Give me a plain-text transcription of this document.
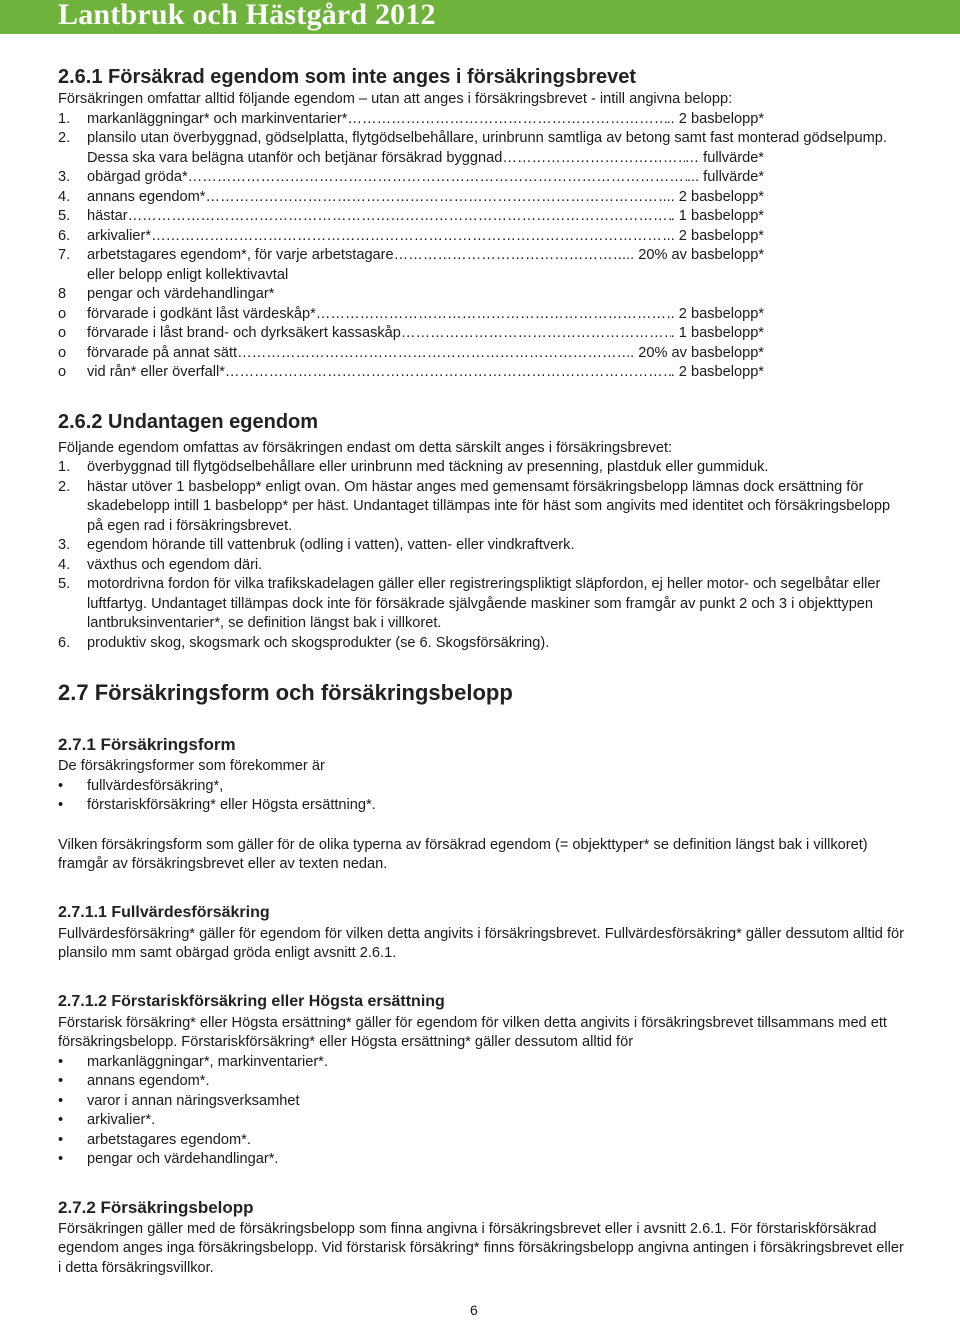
Lantbruk och Hästgård 2012
2.6.1 Försäkrad egendom som inte anges i försäkringsbrevet
Försäkringen omfattar alltid följande egendom – utan att anges i försäkringsbrevet - intill angivna belopp:
1.	markanläggningar* och markinventarier* …………………………………………………………………………………………………………………………………………………………………………	.. 2 basbelopp*
2.	plansilo utan överbyggnad, gödselplatta, flytgödselbehållare, urinbrunn samtliga av betong samt fast monterad gödselpump.
Dessa ska vara belägna utanför och betjänar försäkrad byggnad …………………………………………………………………………………………………………………………………………………………………………	… fullvärde*
3.	obärgad gröda* …………………………………………………………………………………………………………………………………………………………………………	... fullvärde*
4.	annans egendom* …………………………………………………………………………………………………………………………………………………………………………	... 2 basbelopp*
5.	hästar …………………………………………………………………………………………………………………………………………………………………………	. 1 basbelopp*
6.	arkivalier* …………………………………………………………………………………………………………………………………………………………………………	... 2 basbelopp*
7.	arbetstagares egendom*, för varje arbetstagare …………………………………………………………………………………………………………………………………………………………………………	... 20% av basbelopp*
eller belopp enligt kollektivavtal
8	pengar och värdehandlingar*
o	förvarade i godkänt låst värdeskåp* …………………………………………………………………………………………………………………………………………………………………………	.. 2 basbelopp*
o	förvarade i låst brand- och dyrksäkert kassaskåp …………………………………………………………………………………………………………………………………………………………………………	. 1 basbelopp*
o	förvarade på annat sätt …………………………………………………………………………………………………………………………………………………………………………	.. 20% av basbelopp*
o	vid rån* eller överfall* …………………………………………………………………………………………………………………………………………………………………………	. 2 basbelopp*
2.6.2 Undantagen egendom
Följande egendom omfattas av försäkringen endast om detta särskilt anges i försäkringsbrevet:
1.	överbyggnad till flytgödselbehållare eller urinbrunn med täckning av presenning, plastduk eller gummiduk.
2.	hästar utöver 1 basbelopp* enligt ovan. Om hästar anges med gemensamt försäkringsbelopp lämnas dock ersättning för skadebelopp intill 1 basbelopp* per häst. Undantaget tillämpas inte för häst som angivits med identitet och försäkringsbelopp på egen rad i försäkringsbrevet.
3.	egendom hörande till vattenbruk (odling i vatten), vatten- eller vindkraftverk.
4.	växthus och egendom däri.
5.	motordrivna fordon för vilka trafikskadelagen gäller eller registreringspliktigt släpfordon, ej heller motor- och segelbåtar eller luftfartyg. Undantaget tillämpas dock inte för försäkrade självgående maskiner som framgår av punkt 2 och 3 i objekttypen lantbruksinventarier*, se definition längst bak i villkoret.
6.	produktiv skog, skogsmark och skogsprodukter (se 6. Skogsförsäkring).
2.7 Försäkringsform och försäkringsbelopp
2.7.1 Försäkringsform
De försäkringsformer som förekommer är
•	fullvärdesförsäkring*,
•	förstariskförsäkring* eller Högsta ersättning*.
Vilken försäkringsform som gäller för de olika typerna av försäkrad egendom (= objekttyper* se definition längst bak i villkoret) framgår av försäkringsbrevet eller av texten nedan.
2.7.1.1 Fullvärdesförsäkring
Fullvärdesförsäkring* gäller för egendom för vilken detta angivits i försäkringsbrevet. Fullvärdesförsäkring* gäller dessutom alltid för plansilo mm samt obärgad gröda enligt avsnitt 2.6.1.
2.7.1.2 Förstariskförsäkring eller Högsta ersättning
Förstarisk försäkring* eller Högsta ersättning* gäller för egendom för vilken detta angivits i försäkringsbrevet tillsammans med ett försäkringsbelopp. Förstariskförsäkring* eller Högsta ersättning* gäller dessutom alltid för
•	markanläggningar*, markinventarier*.
•	annans egendom*.
•	varor i annan näringsverksamhet
•	arkivalier*.
•	arbetstagares egendom*.
•	pengar och värdehandlingar*.
2.7.2 Försäkringsbelopp
Försäkringen gäller med de försäkringsbelopp som finna angivna i försäkringsbrevet eller i avsnitt 2.6.1. För förstariskförsäkrad egendom anges inga försäkringsbelopp. Vid förstarisk försäkring* finns försäkringsbelopp angivna antingen i försäkringsbrevet eller i detta försäkringsvillkor.
6
